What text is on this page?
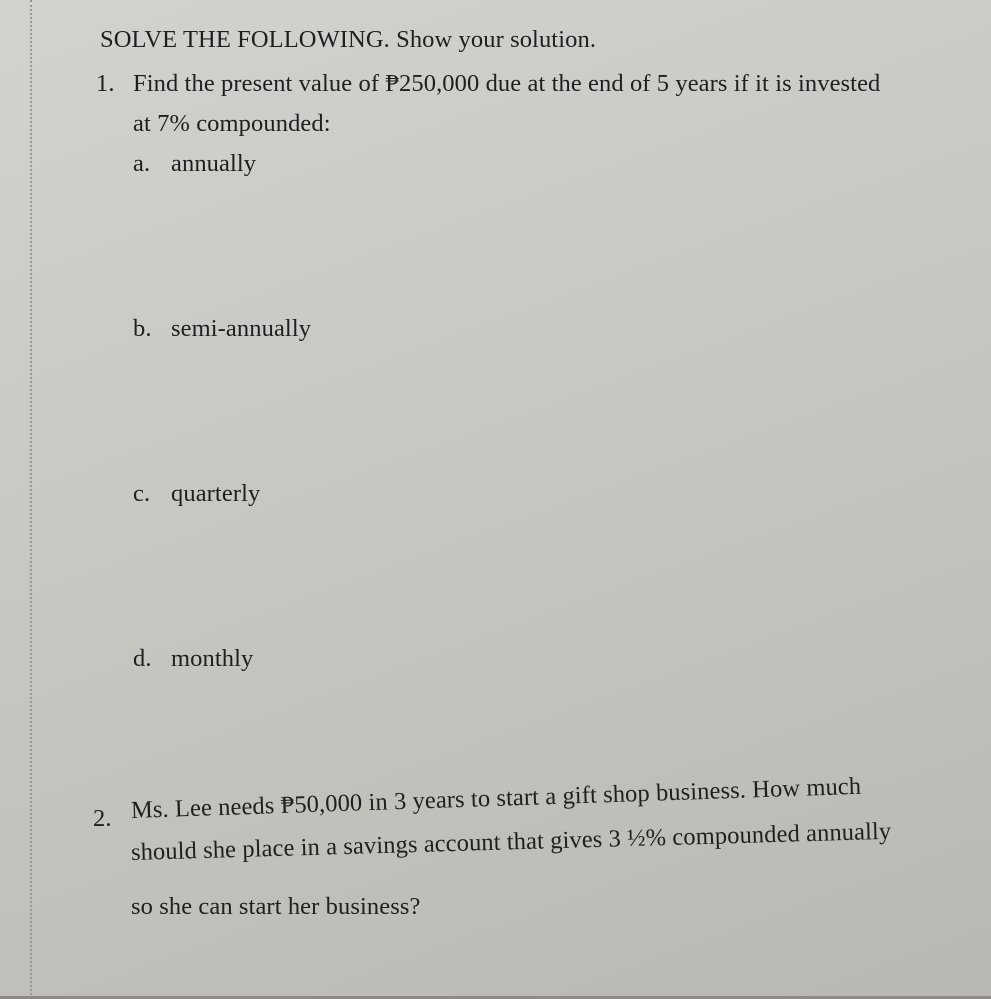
SOLVE THE FOLLOWING. Show your solution.
1. Find the present value of ₱250,000 due at the end of 5 years if it is invested
at 7% compounded:
a. annually
b. semi-annually
c. quarterly
d. monthly
2. Ms. Lee needs ₱50,000 in 3 years to start a gift shop business. How much
should she place in a savings account that gives 3 ½% compounded annually
so she can start her business?
